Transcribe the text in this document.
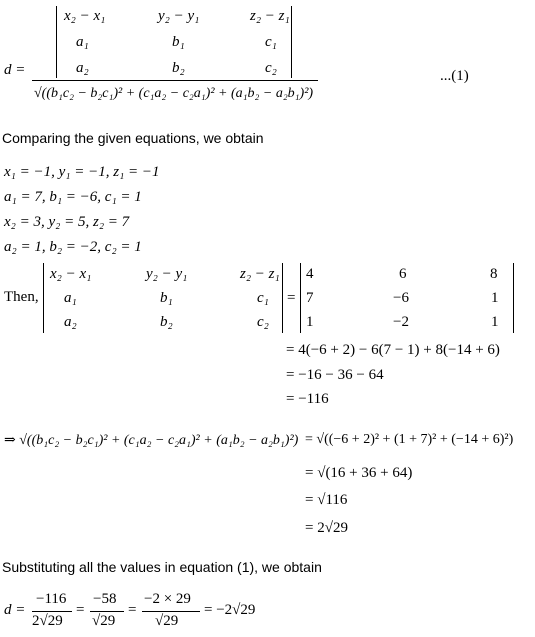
d =
x₂ − x₁	y₂ − y₁	z₂ − z₁
a₁	b₁	c₁
a₂	b₂	c₂
√((b₁c₂ − b₂c₁)² + (c₁a₂ − c₂a₁)² + (a₁b₂ − a₂b₁)²)
...(1)
Comparing the given equations, we obtain
x₁ = −1, y₁ = −1, z₁ = −1
a₁ = 7, b₁ = −6, c₁ = 1
x₂ = 3, y₂ = 5, z₂ = 7
a₂ = 1, b₂ = −2, c₂ = 1
Then,
x₂ − x₁	y₂ − y₁	z₂ − z₁
a₁	b₁	c₁
a₂	b₂	c₂
=
4	6	8
7	−6	1
1	−2	1
= 4(−6 + 2) − 6(7 − 1) + 8(−14 + 6)
= −16 − 36 − 64
= −116
⇒ √((b₁c₂ − b₂c₁)² + (c₁a₂ − c₂a₁)² + (a₁b₂ − a₂b₁)²) = √((−6 + 2)² + (1 + 7)² + (−14 + 6)²)
= √(16 + 36 + 64)
= √116
= 2√29
Substituting all the values in equation (1), we obtain
d =
−116
2√29
=
−58
√29
=
−2 × 29
√29
= −2√29
